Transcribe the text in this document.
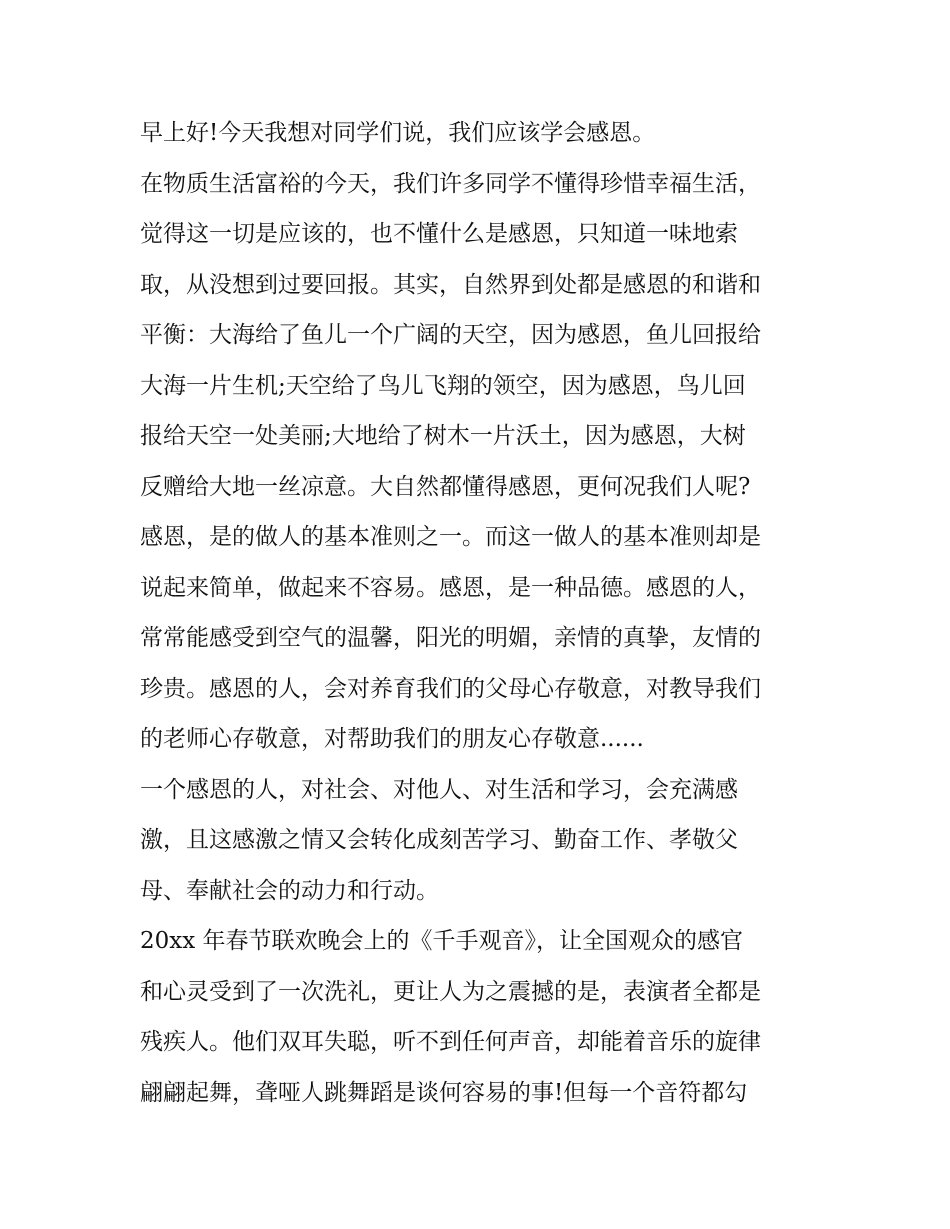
早上好!今天我想对同学们说，我们应该学会感恩。

在物质生活富裕的今天，我们许多同学不懂得珍惜幸福生活，

觉得这一切是应该的，也不懂什么是感恩，只知道一味地索

取，从没想到过要回报。其实，自然界到处都是感恩的和谐和

平衡：大海给了鱼儿一个广阔的天空，因为感恩，鱼儿回报给

大海一片生机;天空给了鸟儿飞翔的领空，因为感恩，鸟儿回

报给天空一处美丽;大地给了树木一片沃土，因为感恩，大树

反赠给大地一丝凉意。大自然都懂得感恩，更何况我们人呢?

感恩，是的做人的基本准则之一。而这一做人的基本准则却是

说起来简单，做起来不容易。感恩，是一种品德。感恩的人，

常常能感受到空气的温馨，阳光的明媚，亲情的真挚，友情的

珍贵。感恩的人，会对养育我们的父母心存敬意，对教导我们

的老师心存敬意，对帮助我们的朋友心存敬意......

一个感恩的人，对社会、对他人、对生活和学习，会充满感

激，且这感激之情又会转化成刻苦学习、勤奋工作、孝敬父

母、奉献社会的动力和行动。

20xx 年春节联欢晚会上的《千手观音》，让全国观众的感官

和心灵受到了一次洗礼，更让人为之震撼的是，表演者全都是

残疾人。他们双耳失聪，听不到任何声音，却能着音乐的旋律

翩翩起舞，聋哑人跳舞蹈是谈何容易的事!但每一个音符都勾
